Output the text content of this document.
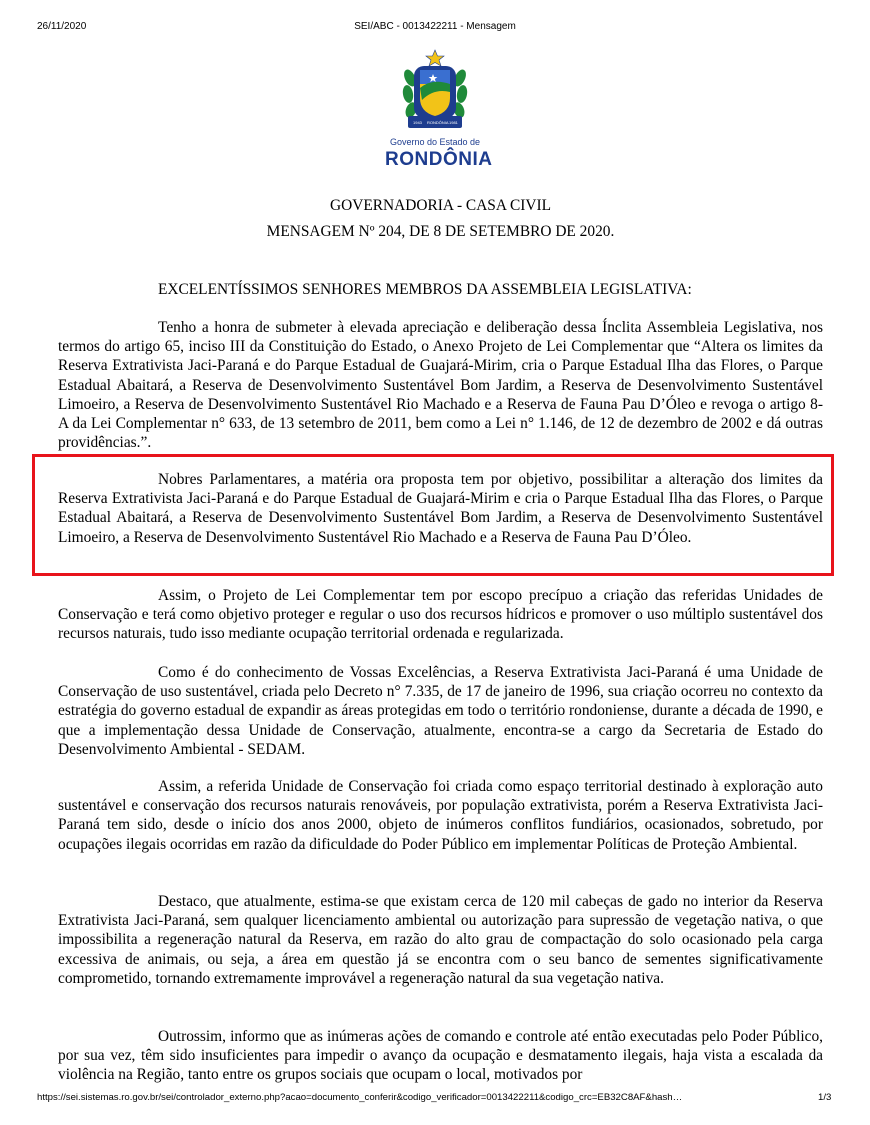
SEI/ABC - 0013422211 - Mensagem
26/11/2020
1943 RONDÔNIA 1981
Governo do Estado de
RONDÔNIA
GOVERNADORIA - CASA CIVIL
MENSAGEM Nº 204, DE 8 DE SETEMBRO DE 2020.
EXCELENTÍSSIMOS SENHORES MEMBROS DA ASSEMBLEIA LEGISLATIVA:

Tenho a honra de submeter à elevada apreciação e deliberação dessa Ínclita Assembleia Legislativa, nos termos do artigo 65, inciso III da Constituição do Estado, o Anexo Projeto de Lei Complementar que “Altera os limites da Reserva Extrativista Jaci-Paraná e do Parque Estadual de Guajará-Mirim, cria o Parque Estadual Ilha das Flores, o Parque Estadual Abaitará, a Reserva de Desenvolvimento Sustentável Bom Jardim, a Reserva de Desenvolvimento Sustentável Limoeiro, a Reserva de Desenvolvimento Sustentável Rio Machado e a Reserva de Fauna Pau D’Óleo e revoga o artigo 8-A da Lei Complementar n° 633, de 13 setembro de 2011, bem como a Lei n° 1.146, de 12 de dezembro de 2002 e dá outras providências.”.

Nobres Parlamentares, a matéria ora proposta tem por objetivo, possibilitar a alteração dos limites da Reserva Extrativista Jaci-Paraná e do Parque Estadual de Guajará-Mirim e cria o Parque Estadual Ilha das Flores, o Parque Estadual Abaitará, a Reserva de Desenvolvimento Sustentável Bom Jardim, a Reserva de Desenvolvimento Sustentável Limoeiro, a Reserva de Desenvolvimento Sustentável Rio Machado e a Reserva de Fauna Pau D’Óleo.

Assim, o Projeto de Lei Complementar tem por escopo precípuo a criação das referidas Unidades de Conservação e terá como objetivo proteger e regular o uso dos recursos hídricos e promover o uso múltiplo sustentável dos recursos naturais, tudo isso mediante ocupação territorial ordenada e regularizada.

Como é do conhecimento de Vossas Excelências, a Reserva Extrativista Jaci-Paraná é uma Unidade de Conservação de uso sustentável, criada pelo Decreto n° 7.335, de 17 de janeiro de 1996, sua criação ocorreu no contexto da estratégia do governo estadual de expandir as áreas protegidas em todo o território rondoniense, durante a década de 1990, e que a implementação dessa Unidade de Conservação, atualmente, encontra-se a cargo da Secretaria de Estado do Desenvolvimento Ambiental - SEDAM.

Assim, a referida Unidade de Conservação foi criada como espaço territorial destinado à exploração auto sustentável e conservação dos recursos naturais renováveis, por população extrativista, porém a Reserva Extrativista Jaci-Paraná tem sido, desde o início dos anos 2000, objeto de inúmeros conflitos fundiários, ocasionados, sobretudo, por ocupações ilegais ocorridas em razão da dificuldade do Poder Público em implementar Políticas de Proteção Ambiental.

Destaco, que atualmente, estima-se que existam cerca de 120 mil cabeças de gado no interior da Reserva Extrativista Jaci-Paraná, sem qualquer licenciamento ambiental ou autorização para supressão de vegetação nativa, o que impossibilita a regeneração natural da Reserva, em razão do alto grau de compactação do solo ocasionado pela carga excessiva de animais, ou seja, a área em questão já se encontra com o seu banco de sementes significativamente comprometido, tornando extremamente improvável a regeneração natural da sua vegetação nativa.

Outrossim, informo que as inúmeras ações de comando e controle até então executadas pelo Poder Público, por sua vez, têm sido insuficientes para impedir o avanço da ocupação e desmatamento ilegais, haja vista a escalada da violência na Região, tanto entre os grupos sociais que ocupam o local, motivados por

https://sei.sistemas.ro.gov.br/sei/controlador_externo.php?acao=documento_conferir&codigo_verificador=0013422211&codigo_crc=EB32C8AF&hash…	1/3
